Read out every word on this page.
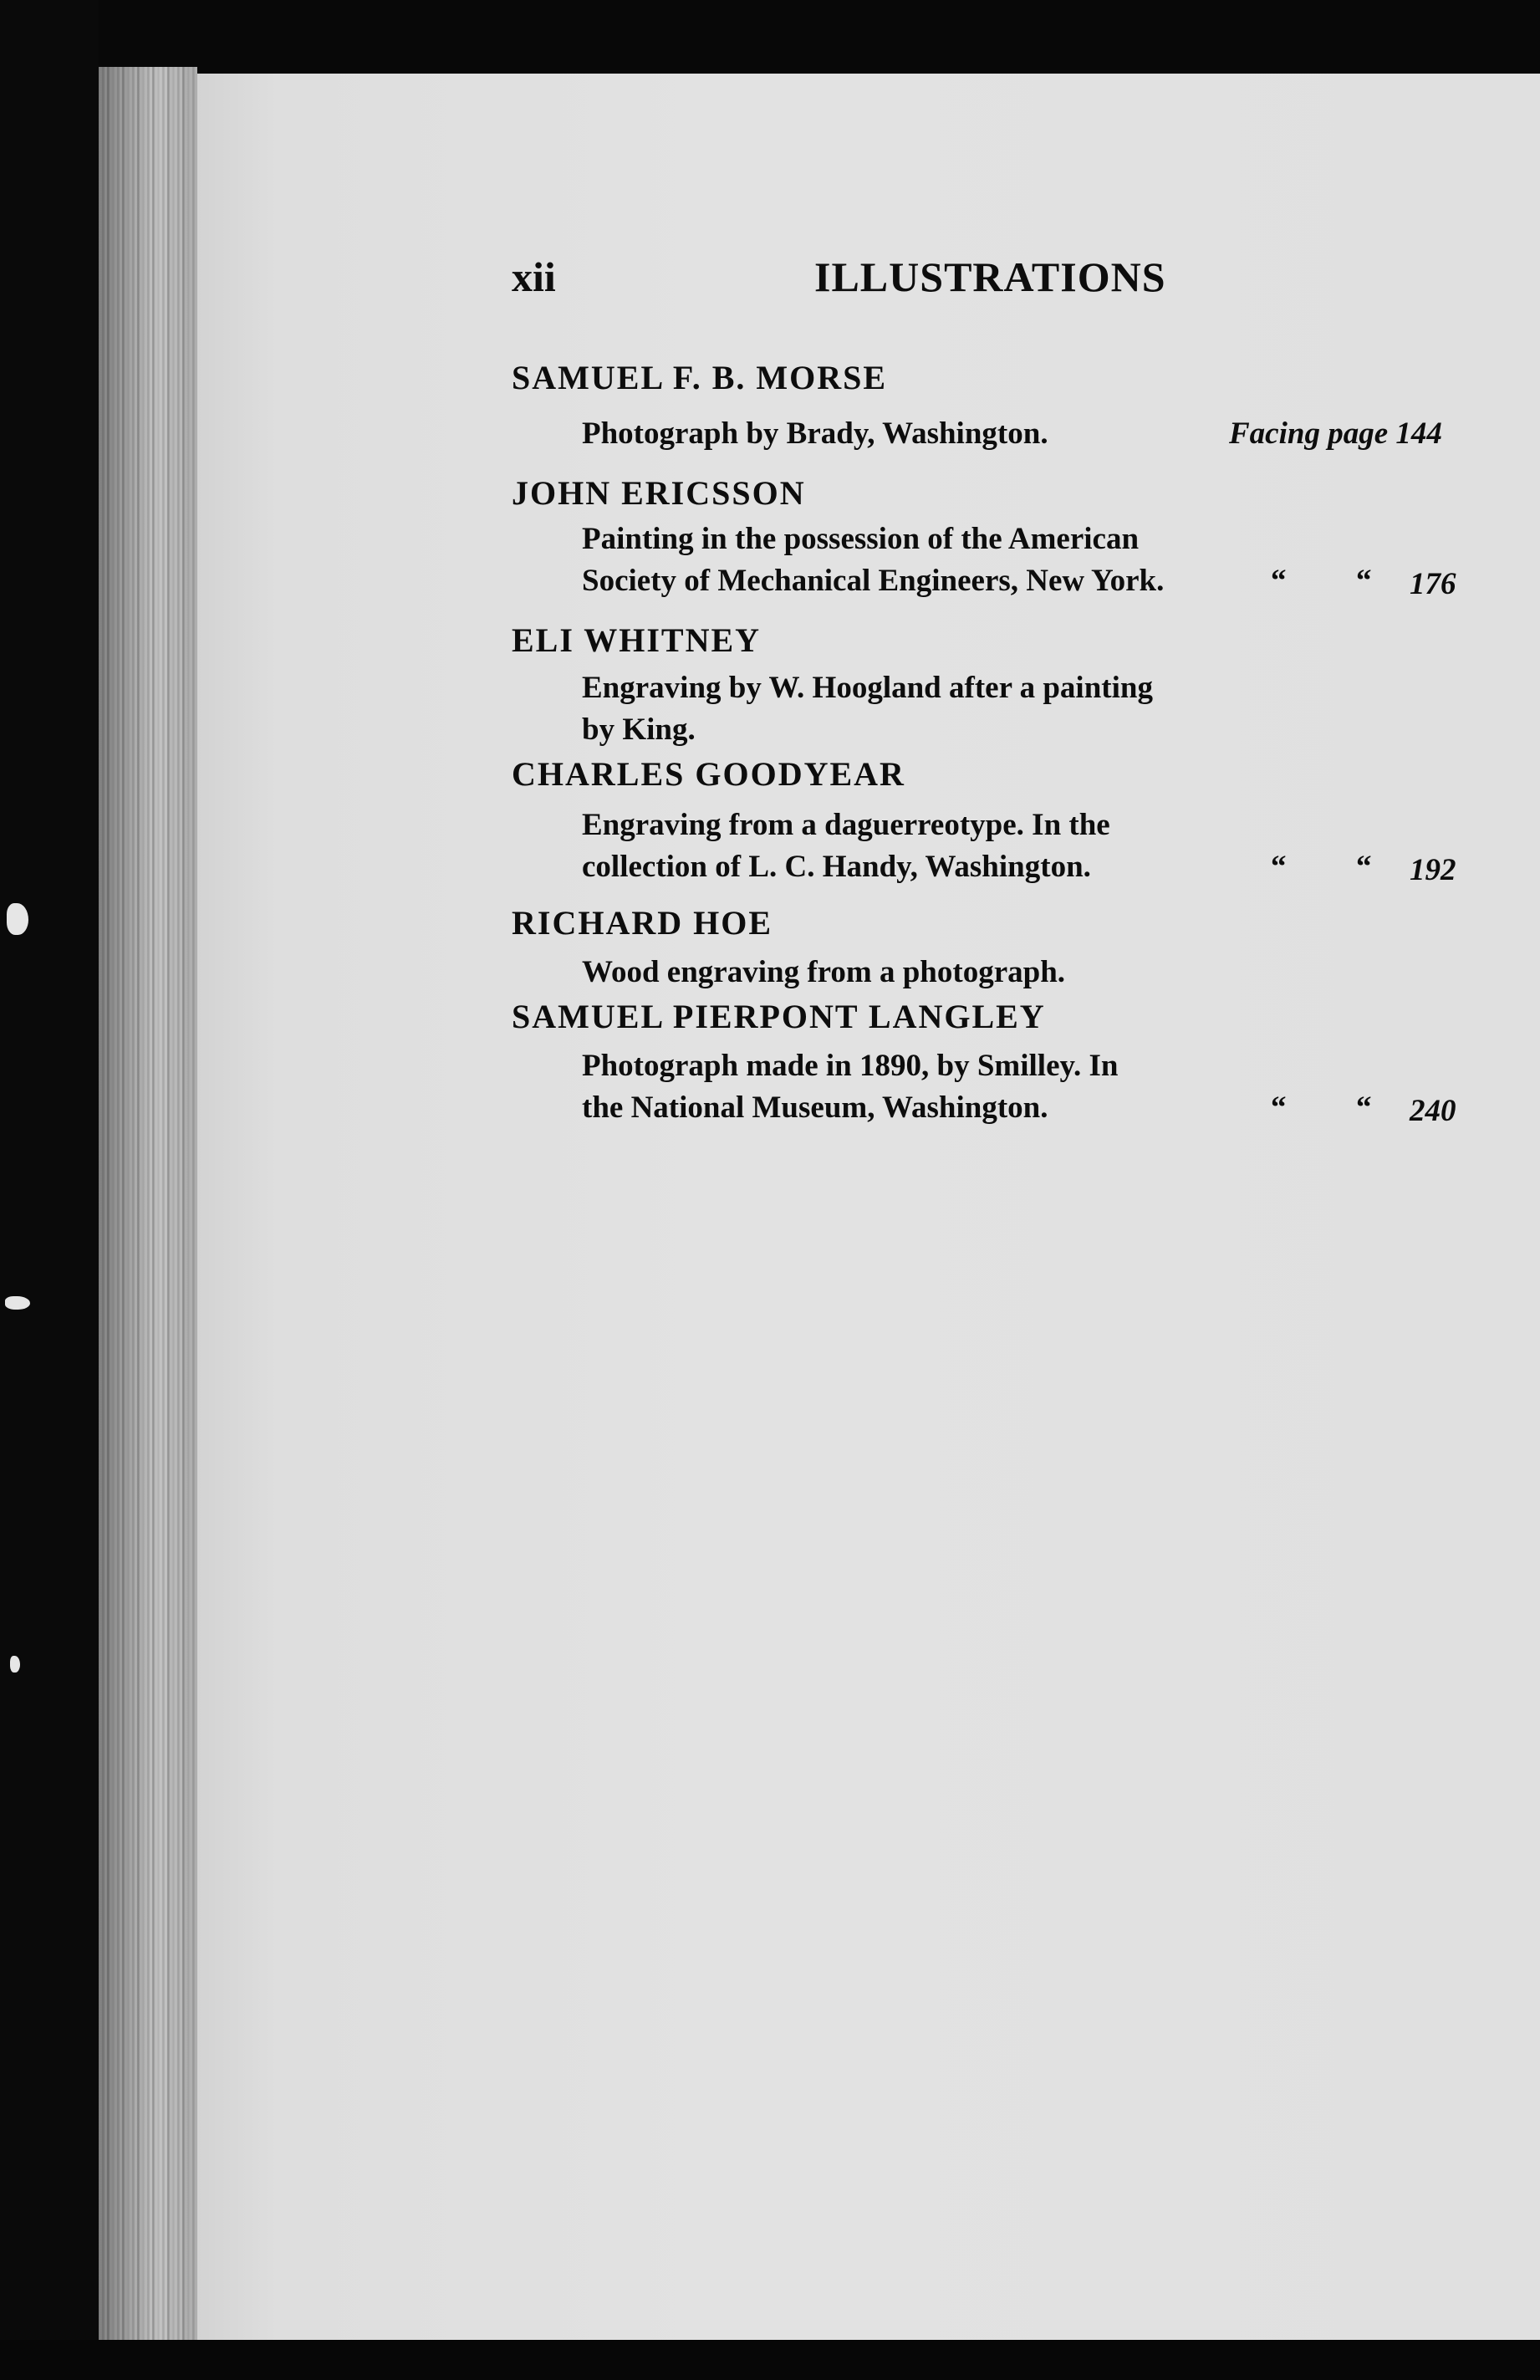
xii	ILLUSTRATIONS
SAMUEL F. B. MORSE
Photograph by Brady, Washington.	Facing page 144
JOHN ERICSSON
Painting in the possession of the American
Society of Mechanical Engineers, New York.	“ “ 176
ELI WHITNEY
Engraving by W. Hoogland after a painting
by King.
CHARLES GOODYEAR
Engraving from a daguerreotype. In the
collection of L. C. Handy, Washington.	“ “ 192
RICHARD HOE
Wood engraving from a photograph.
SAMUEL PIERPONT LANGLEY
Photograph made in 1890, by Smilley. In
the National Museum, Washington.	“ “ 240
